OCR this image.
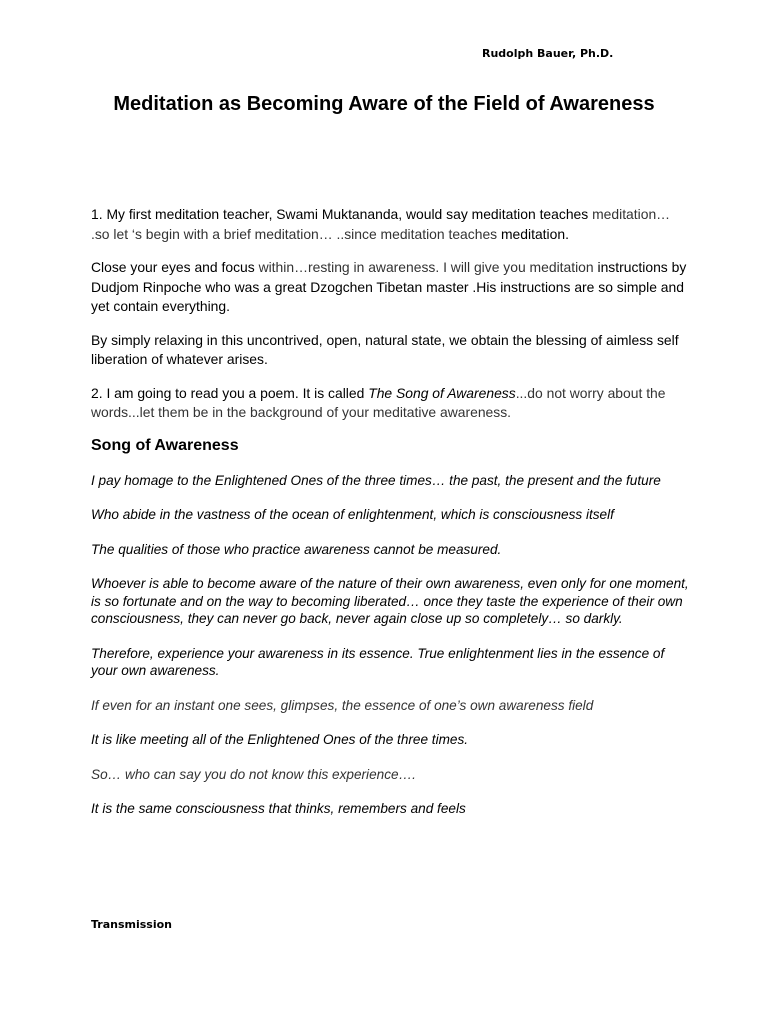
Rudolph Bauer, Ph.D.
Meditation as Becoming Aware of the Field of Awareness

1. My first meditation teacher, Swami Muktananda, would say meditation teaches meditation… .so let ‘s begin with a brief meditation… ..since meditation teaches meditation.

Close your eyes and focus within…resting in awareness. I will give you meditation instructions by Dudjom Rinpoche who was a great Dzogchen Tibetan master .His instructions are so simple and yet contain everything.

By simply relaxing in this uncontrived, open, natural state, we obtain the blessing of aimless self liberation of whatever arises.

2. I am going to read you a poem. It is called The Song of Awareness...do not worry about the words...let them be in the background of your meditative awareness.

Song of Awareness

I pay homage to the Enlightened Ones of the three times… the past, the present and the future

Who abide in the vastness of the ocean of enlightenment, which is consciousness itself

The qualities of those who practice awareness cannot be measured.

Whoever is able to become aware of the nature of their own awareness, even only for one moment, is so fortunate and on the way to becoming liberated… once they taste the experience of their own consciousness, they can never go back, never again close up so completely… so darkly.

Therefore, experience your awareness in its essence. True enlightenment lies in the essence of your own awareness.

If even for an instant one sees, glimpses, the essence of one’s own awareness field

It is like meeting all of the Enlightened Ones of the three times.

So… who can say you do not know this experience….

It is the same consciousness that thinks, remembers and feels

Transmission
